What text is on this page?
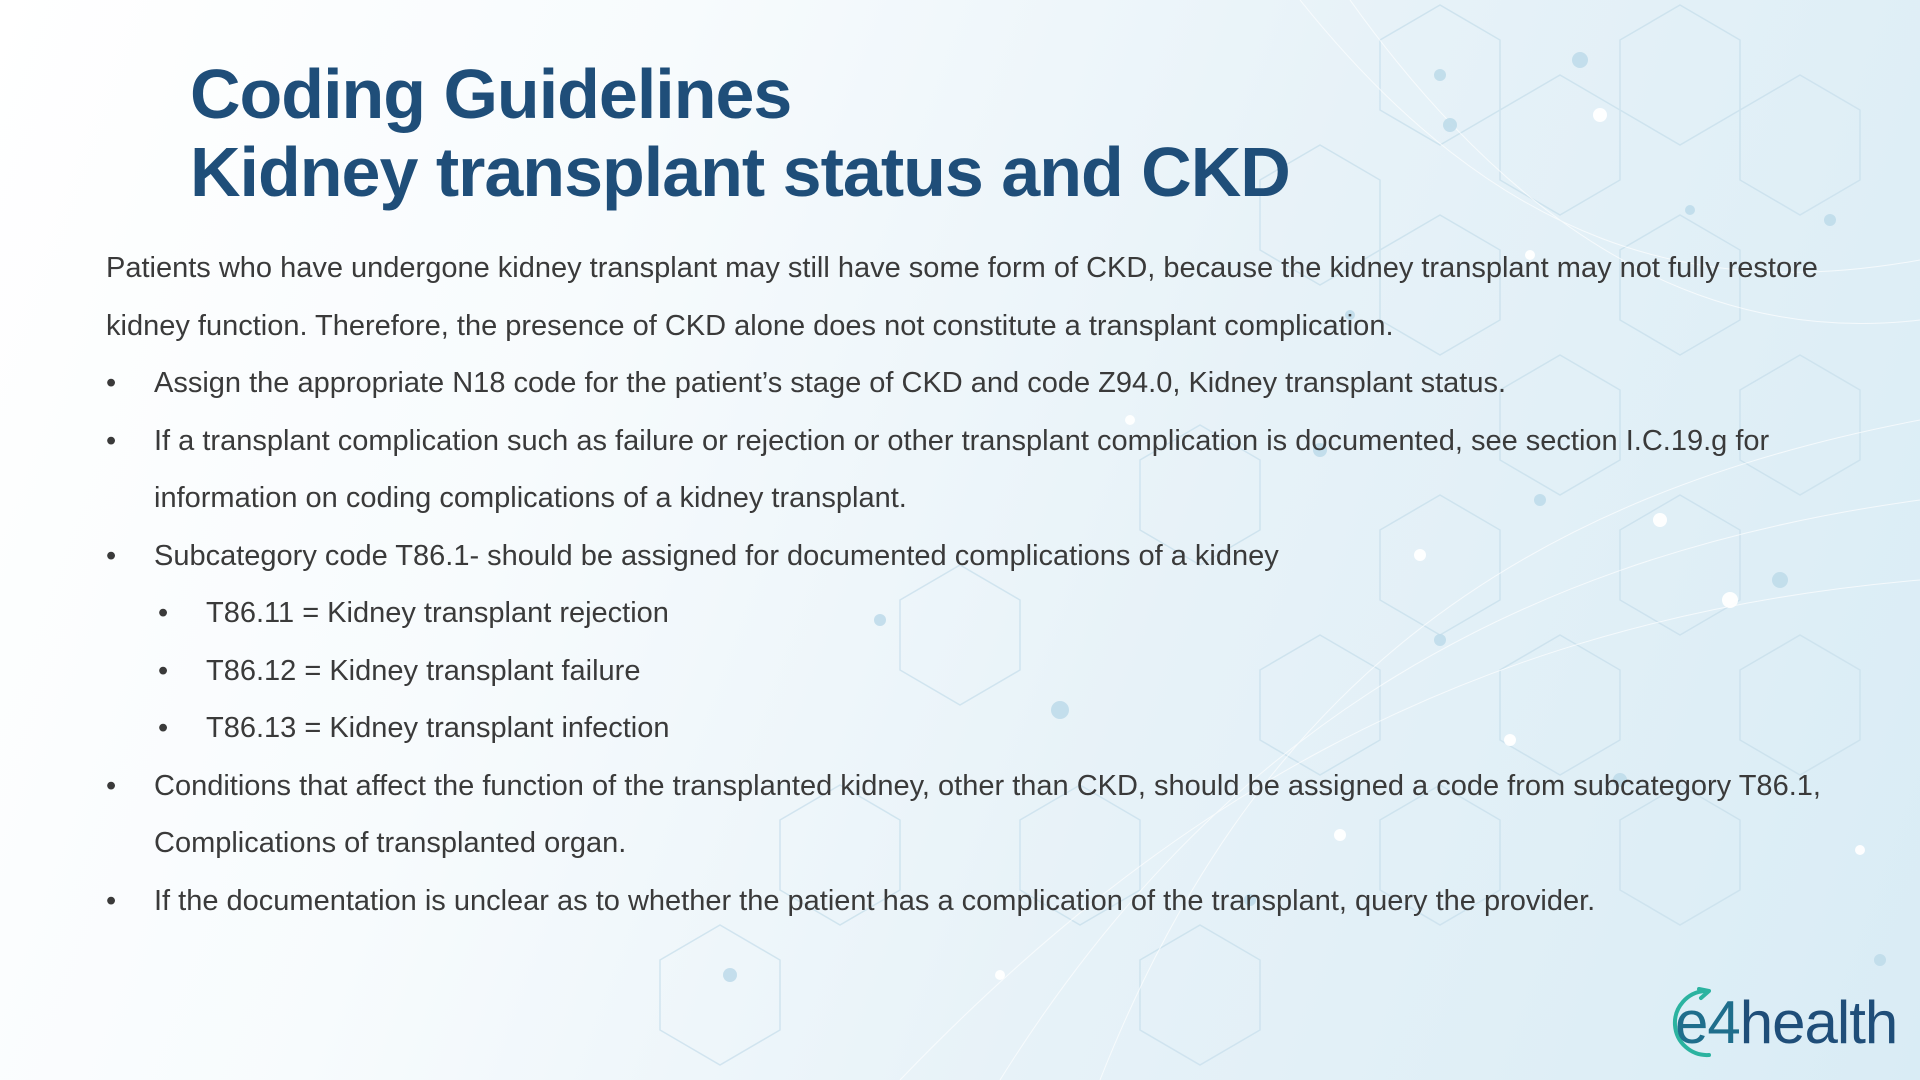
Coding Guidelines
Kidney transplant status and CKD

Patients who have undergone kidney transplant may still have some form of CKD, because the kidney transplant may not fully restore kidney function. Therefore, the presence of CKD alone does not constitute a transplant complication.

• Assign the appropriate N18 code for the patient’s stage of CKD and code Z94.0, Kidney transplant status.

• If a transplant complication such as failure or rejection or other transplant complication is documented, see section I.C.19.g for information on coding complications of a kidney transplant.

• Subcategory code T86.1- should be assigned for documented complications of a kidney

• T86.11 = Kidney transplant rejection

• T86.12 = Kidney transplant failure

• T86.13 = Kidney transplant infection

• Conditions that affect the function of the transplanted kidney, other than CKD, should be assigned a code from subcategory T86.1, Complications of transplanted organ.

• If the documentation is unclear as to whether the patient has a complication of the transplant, query the provider.

e4health
